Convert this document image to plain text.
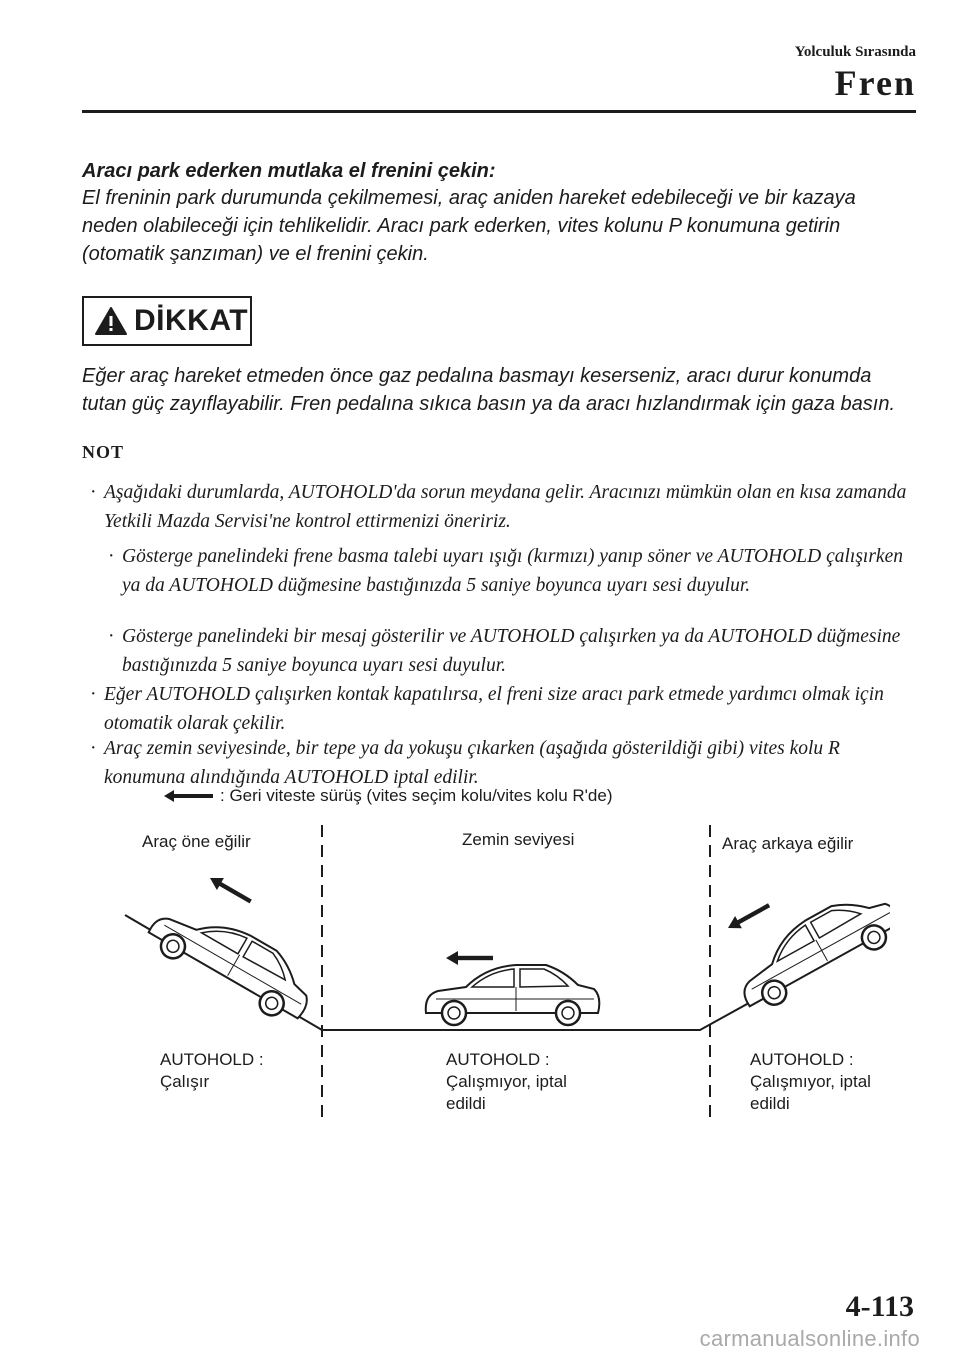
Yolculuk Sırasında
Fren
Aracı park ederken mutlaka el frenini çekin:

El freninin park durumunda çekilmemesi, araç aniden hareket edebileceği ve bir kazaya neden olabileceği için tehlikelidir. Aracı park ederken, vites kolunu P konumuna getirin (otomatik şanzıman) ve el frenini çekin.

DİKKAT

Eğer araç hareket etmeden önce gaz pedalına basmayı keserseniz, aracı durur konumda tutan güç zayıflayabilir. Fren pedalına sıkıca basın ya da aracı hızlandırmak için gaza basın.

NOT

· Aşağıdaki durumlarda, AUTOHOLD'da sorun meydana gelir. Aracınızı mümkün olan en kısa zamanda Yetkili Mazda Servisi'ne kontrol ettirmenizi öneririz.

· Gösterge panelindeki frene basma talebi uyarı ışığı (kırmızı) yanıp söner ve AUTOHOLD çalışırken ya da AUTOHOLD düğmesine bastığınızda 5 saniye boyunca uyarı sesi duyulur.

· Gösterge panelindeki bir mesaj gösterilir ve AUTOHOLD çalışırken ya da AUTOHOLD düğmesine bastığınızda 5 saniye boyunca uyarı sesi duyulur.

· Eğer AUTOHOLD çalışırken kontak kapatılırsa, el freni size aracı park etmede yardımcı olmak için otomatik olarak çekilir.

· Araç zemin seviyesinde, bir tepe ya da yokuşu çıkarken (aşağıda gösterildiği gibi) vites kolu R konumuna alındığında AUTOHOLD iptal edilir.

: Geri viteste sürüş (vites seçim kolu/vites kolu R'de)
Araç öne eğilir	Zemin seviyesi	Araç arkaya eğilir
AUTOHOLD :
Çalışır
AUTOHOLD :
Çalışmıyor, iptal
edildi
AUTOHOLD :
Çalışmıyor, iptal
edildi
4-113
carmanualsonline.info
